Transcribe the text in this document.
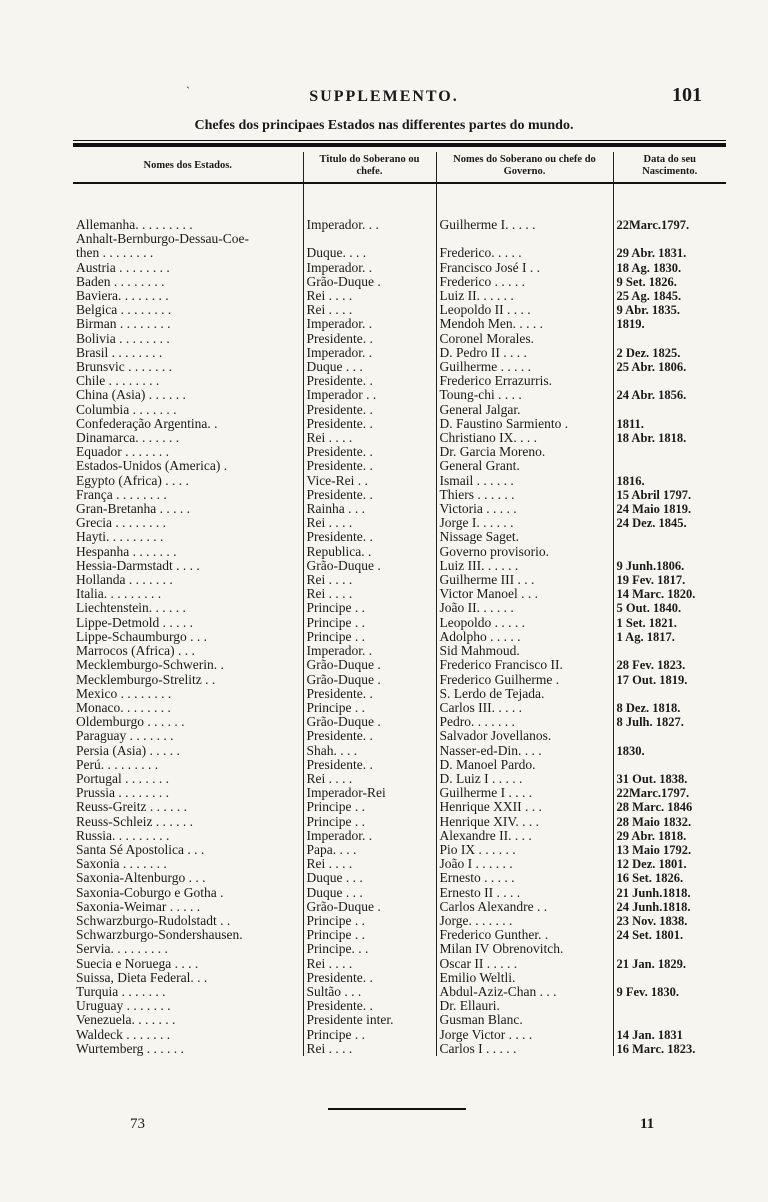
ˋ	SUPPLEMENTO.	101
Chefes dos principaes Estados nas differentes partes do mundo.
Nomes dos Estados.	Titulo do Soberano ou chefe.	Nomes do Soberano ou chefe do Governo.	Data do seu Nascimento.
Allemanha. . . . . . . . .	Imperador. . .	Guilherme I. . . . .	22Marc.1797.
Anhalt-Bernburgo-Dessau-Coe-			
then . . . . . . . .	Duque. . . .	Frederico. . . . .	29 Abr. 1831.
Austria . . . . . . . .	Imperador. .	Francisco José I . .	18 Ag. 1830.
Baden . . . . . . . .	Grão-Duque .	Frederico . . . . .	9 Set. 1826.
Baviera. . . . . . . .	Rei . . . .	Luiz II. . . . . .	25 Ag. 1845.
Belgica . . . . . . . .	Rei . . . .	Leopoldo II . . . .	9 Abr. 1835.
Birman . . . . . . . .	Imperador. .	Mendoh Men. . . . .	1819.
Bolivia . . . . . . . .	Presidente. .	Coronel Morales.	
Brasil . . . . . . . .	Imperador. .	D. Pedro II . . . .	2 Dez. 1825.
Brunsvic . . . . . . .	Duque . . .	Guilherme . . . . .	25 Abr. 1806.
Chile . . . . . . . .	Presidente. .	Frederico Errazurris.	
China (Asia) . . . . . .	Imperador . .	Toung-chi . . . .	24 Abr. 1856.
Columbia . . . . . . .	Presidente. .	General Jalgar.	
Confederação Argentina. .	Presidente. .	D. Faustino Sarmiento .	1811.
Dinamarca. . . . . . .	Rei . . . .	Christiano IX. . . .	18 Abr. 1818.
Equador . . . . . . .	Presidente. .	Dr. Garcia Moreno.	
Estados-Unidos (America) .	Presidente. .	General Grant.	
Egypto (Africa) . . . .	Vice-Rei . .	Ismail . . . . . .	1816.
França . . . . . . . .	Presidente. .	Thiers . . . . . .	15 Abril 1797.
Gran-Bretanha . . . . .	Rainha . . .	Victoria . . . . .	24 Maio 1819.
Grecia . . . . . . . .	Rei . . . .	Jorge I. . . . . .	24 Dez. 1845.
Hayti. . . . . . . . .	Presidente. .	Nissage Saget.	
Hespanha . . . . . . .	Republica. .	Governo provisorio.	
Hessia-Darmstadt . . . .	Grão-Duque .	Luiz III. . . . . .	9 Junh.1806.
Hollanda . . . . . . .	Rei . . . .	Guilherme III . . .	19 Fev. 1817.
Italia. . . . . . . . .	Rei . . . .	Victor Manoel . . .	14 Marc. 1820.
Liechtenstein. . . . . .	Principe . .	João II. . . . . .	5 Out. 1840.
Lippe-Detmold . . . . .	Principe . .	Leopoldo . . . . .	1 Set. 1821.
Lippe-Schaumburgo . . .	Principe . .	Adolpho . . . . .	1 Ag. 1817.
Marrocos (Africa) . . .	Imperador. .	Sid Mahmoud.	
Mecklemburgo-Schwerin. .	Grão-Duque .	Frederico Francisco II.	28 Fev. 1823.
Mecklemburgo-Strelitz . .	Grão-Duque .	Frederico Guilherme .	17 Out. 1819.
Mexico . . . . . . . .	Presidente. .	S. Lerdo de Tejada.	
Monaco. . . . . . . .	Principe . .	Carlos III. . . . .	8 Dez. 1818.
Oldemburgo . . . . . .	Grão-Duque .	Pedro. . . . . . .	8 Julh. 1827.
Paraguay . . . . . . .	Presidente. .	Salvador Jovellanos.	
Persia (Asia) . . . . .	Shah. . . .	Nasser-ed-Din. . . .	1830.
Perú. . . . . . . . .	Presidente. .	D. Manoel Pardo.	
Portugal . . . . . . .	Rei . . . .	D. Luiz I . . . . .	31 Out. 1838.
Prussia . . . . . . . .	Imperador-Rei	Guilherme I . . . .	22Marc.1797.
Reuss-Greitz . . . . . .	Principe . .	Henrique XXII . . .	28 Marc. 1846
Reuss-Schleiz . . . . . .	Principe . .	Henrique XIV. . . .	28 Maio 1832.
Russia. . . . . . . . .	Imperador. .	Alexandre II. . . .	29 Abr. 1818.
Santa Sé Apostolica . . .	Papa. . . .	Pio IX . . . . . .	13 Maio 1792.
Saxonia . . . . . . .	Rei . . . .	João I . . . . . .	12 Dez. 1801.
Saxonia-Altenburgo . . .	Duque . . .	Ernesto . . . . .	16 Set. 1826.
Saxonia-Coburgo e Gotha .	Duque . . .	Ernesto II . . . .	21 Junh.1818.
Saxonia-Weimar . . . . .	Grão-Duque .	Carlos Alexandre . .	24 Junh.1818.
Schwarzburgo-Rudolstadt . .	Principe . .	Jorge. . . . . . .	23 Nov. 1838.
Schwarzburgo-Sondershausen.	Principe . .	Frederico Gunther. .	24 Set. 1801.
Servia. . . . . . . . .	Principe. . .	Milan IV Obrenovitch.	
Suecia e Noruega . . . .	Rei . . . .	Oscar II . . . . .	21 Jan. 1829.
Suissa, Dieta Federal. . .	Presidente. .	Emilio Weltli.	
Turquia . . . . . . .	Sultão . . .	Abdul-Aziz-Chan . . .	9 Fev. 1830.
Uruguay . . . . . . .	Presidente. .	Dr. Ellauri.	
Venezuela. . . . . . .	Presidente inter.	Gusman Blanc.	
Waldeck . . . . . . .	Principe . .	Jorge Victor . . . .	14 Jan. 1831
Wurtemberg . . . . . .	Rei . . . .	Carlos I . . . . .	16 Marc. 1823.
73	11
